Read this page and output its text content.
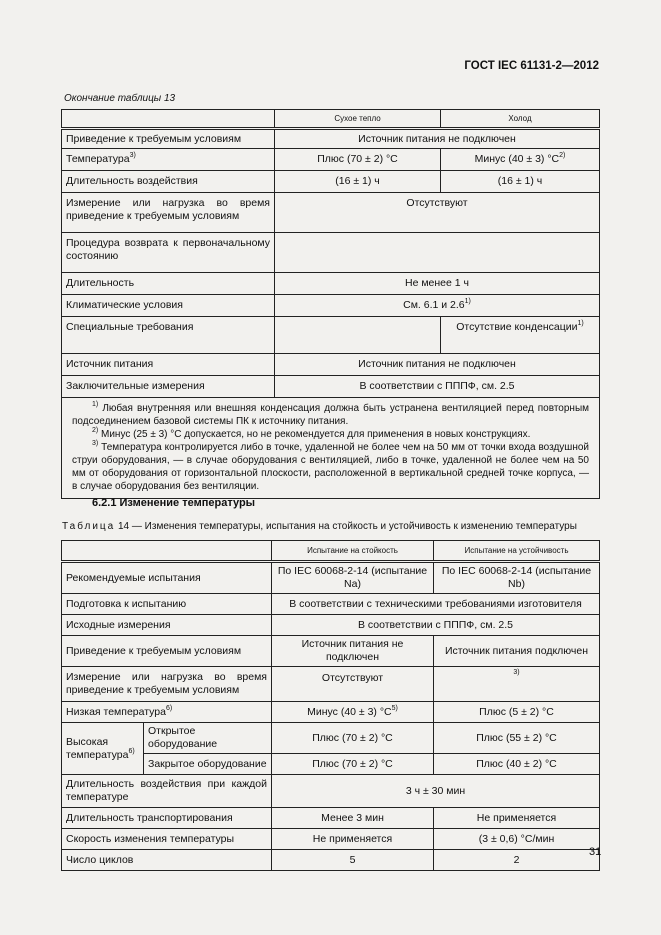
ГОСТ IEC 61131-2—2012
Окончание таблицы 13
	Сухое тепло	Холод
Приведение к требуемым условиям	Источник питания не подключен	
Температура$^{3)}$	Плюс (70 ± 2) °С	Минус (40 ± 3) $^\circ С^{2)}$
Длительность воздействия	(16 ± 1) ч	(16 ± 1) ч

Измерение или нагрузка во время приведение к требуемым условиям	Отсутствуют	

Процедура возврата к первоначальному состоянию		

Длительность	Не менее 1 ч	
Климатические условия	См. 6.1 и 2.6$^{1)}$
Специальные требования		Отсутствие конденсации$^{1)}$
Источник питания	Источник питания не подключен	
Заключительные измерения	В соответствии с ПППФ, см. 2.5	

$^{1)}$ Любая внутренняя или внешняя конденсация должна быть устранена вентиляцией перед повторным подсоединением базовой системы ПК к источнику питания.

$^{2)}$ Минус (25 ± 3) °С допускается, но не рекомендуется для применения в новых конструкциях.

$^{3)}$ Температура контролируется либо в точке, удаленной не более чем на 50 мм от точки входа воздушной струи оборудования, — в случае оборудования с вентиляцией, либо в точке, удаленной не более чем на 50 мм от оборудования от горизонтальной плоскости, расположенной в вертикальной средней точке корпуса, — в случае оборудования без вентиляции.		

6.2.1 Изменение температуры
Таблица 14 — Изменения температуры, испытания на стойкость и устойчивость к изменению температуры
		Испытание на стойкость	Испытание на устойчивость
Рекомендуемые испытания		По IEC 60068-2-14 (испытание Na)	По IEC 60068-2-14 (испытание Nb)
Подготовка к испытанию		В соответствии с техническими требованиями изготовителя	
Исходные измерения		В соответствии с ПППФ, см. 2.5	
Приведение к требуемым условиям		Источник питания не подключен	Источник питания подключен

Измерение или нагрузка во время приведение к требуемым условиям		Отсутствуют	$^{3)}$
Низкая температура$^{6)}$		Минус (40 ± 3) $^\circ С^{5)}$	Плюс (5 ± 2) °С
Высокая температура$^{6)}$	Открытое оборудование	Плюс (70 ± 2) °С	Плюс (55 ± 2) °С
	Закрытое оборудование	Плюс (70 ± 2) °С	Плюс (40 ± 2) °С

Длительность воздействия при каждой температуре		3 ч ± 30 мин	
Длительность транспортирования		Менее 3 мин	Не применяется
Скорость изменения температуры		Не применяется	(3 ± 0,6) °С/мин
Число циклов		5	2
31
